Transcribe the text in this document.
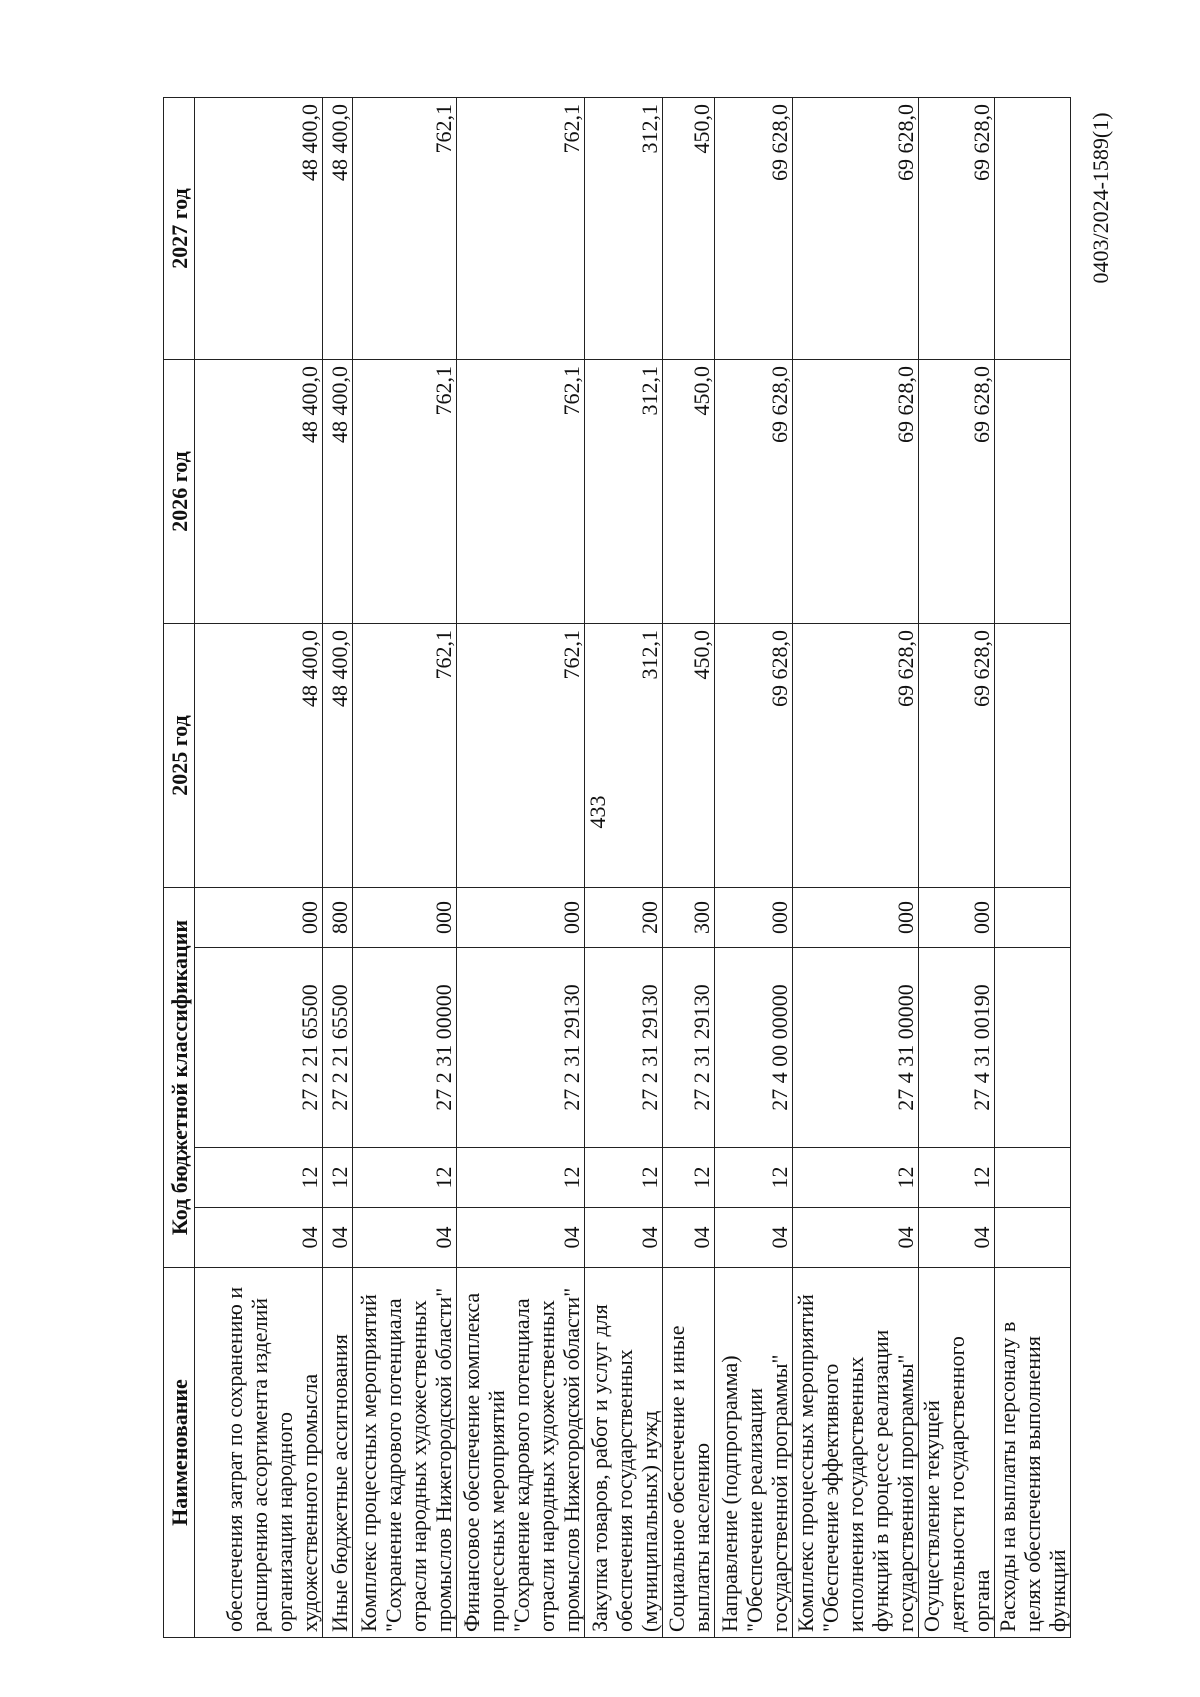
433
0403/2024-1589(1)
Наименование	Код бюджетной классификации				2025 год	2026 год	2027 год
обеспечения затрат по сохранению и расширению ассортимента изделий организации народного художественного промысла	04	12	27 2 21 65500	000	48 400,0	48 400,0	48 400,0
Иные бюджетные ассигнования	04	12	27 2 21 65500	800	48 400,0	48 400,0	48 400,0
Комплекс процессных мероприятий "Сохранение кадрового потенциала отрасли народных художественных промыслов Нижегородской области"	04	12	27 2 31 00000	000	762,1	762,1	762,1
Финансовое обеспечение комплекса процессных мероприятий "Сохранение кадрового потенциала отрасли народных художественных промыслов Нижегородской области"	04	12	27 2 31 29130	000	762,1	762,1	762,1
Закупка товаров, работ и услуг для обеспечения государственных (муниципальных) нужд	04	12	27 2 31 29130	200	312,1	312,1	312,1
Социальное обеспечение и иные выплаты населению	04	12	27 2 31 29130	300	450,0	450,0	450,0
Направление (подпрограмма) "Обеспечение реализации государственной программы"	04	12	27 4 00 00000	000	69 628,0	69 628,0	69 628,0
Комплекс процессных мероприятий "Обеспечение эффективного исполнения государственных функций в процессе реализации государственной программы"	04	12	27 4 31 00000	000	69 628,0	69 628,0	69 628,0
Осуществление текущей деятельности государственного органа	04	12	27 4 31 00190	000	69 628,0	69 628,0	69 628,0
Расходы на выплаты персоналу в целях обеспечения выполнения функций							
